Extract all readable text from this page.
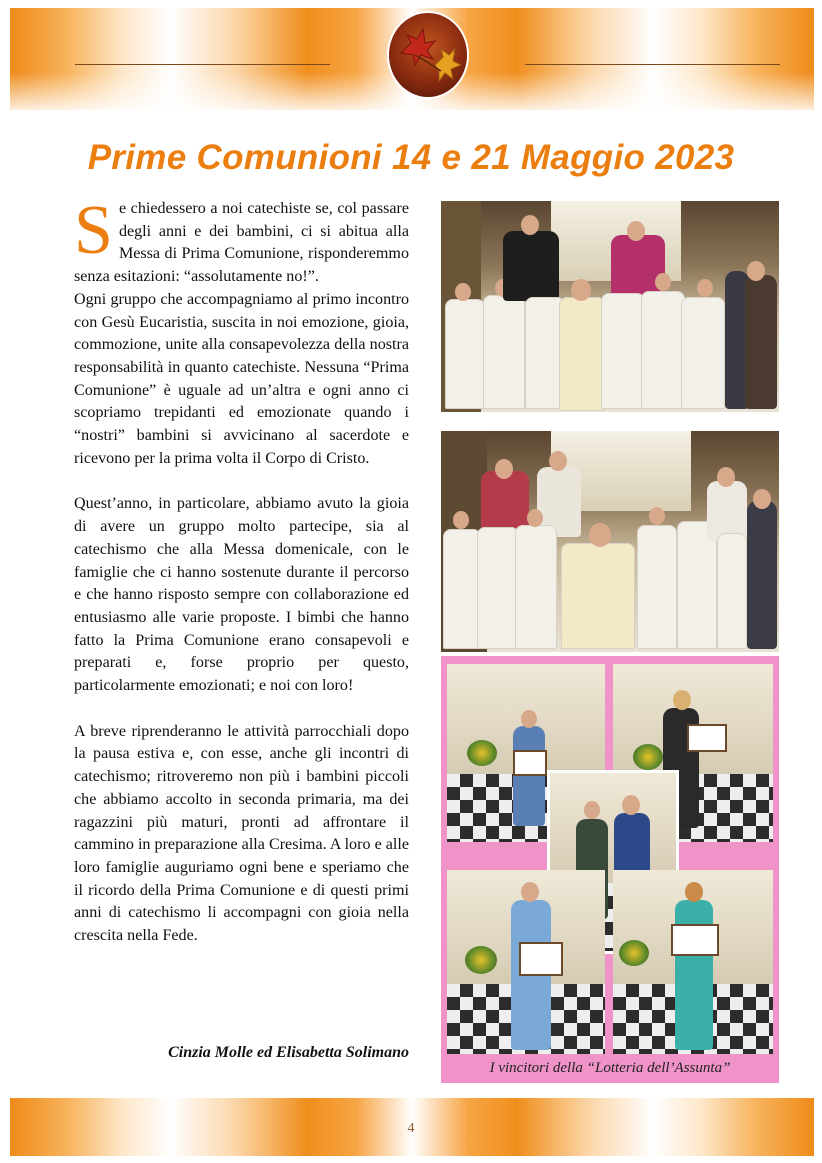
Prime Comunioni 14 e 21 Maggio 2023

Se chiedessero a noi catechiste se, col passare degli anni e dei bambini, ci si abitua alla Messa di Prima Comunione, risponderemmo senza esitazioni: “assolutamente no!”.

Ogni gruppo che accompagniamo al primo incontro con Gesù Eucaristia, suscita in noi emozione, gioia, commozione, unite alla consapevolezza della nostra responsabilità in quanto catechiste. Nessuna “Prima Comunione” è uguale ad un’altra e ogni anno ci scopriamo trepidanti ed emozionate quando i “nostri” bambini si avvicinano al sacerdote e ricevono per la prima volta il Corpo di Cristo.

Quest’anno, in particolare, abbiamo avuto la gioia di avere un gruppo molto partecipe, sia al catechismo che alla Messa domenicale, con le famiglie che ci hanno sostenute durante il percorso e che hanno risposto sempre con collaborazione ed entusiasmo alle varie proposte. I bimbi che hanno fatto la Prima Comunione erano consapevoli e preparati e, forse proprio per questo, particolarmente emozionati; e noi con loro!

A breve riprenderanno le attività parrocchiali dopo la pausa estiva e, con esse, anche gli incontri di catechismo; ritroveremo non più i bambini piccoli che abbiamo accolto in seconda primaria, ma dei ragazzini più maturi, pronti ad affrontare il cammino in preparazione alla Cresima. A loro e alle loro famiglie auguriamo ogni bene e speriamo che il ricordo della Prima Comunione e di questi primi anni di catechismo li accompagni con gioia nella crescita nella Fede.

Cinzia Molle ed Elisabetta Solimano

I vincitori della “Lotteria dell’Assunta”

4
